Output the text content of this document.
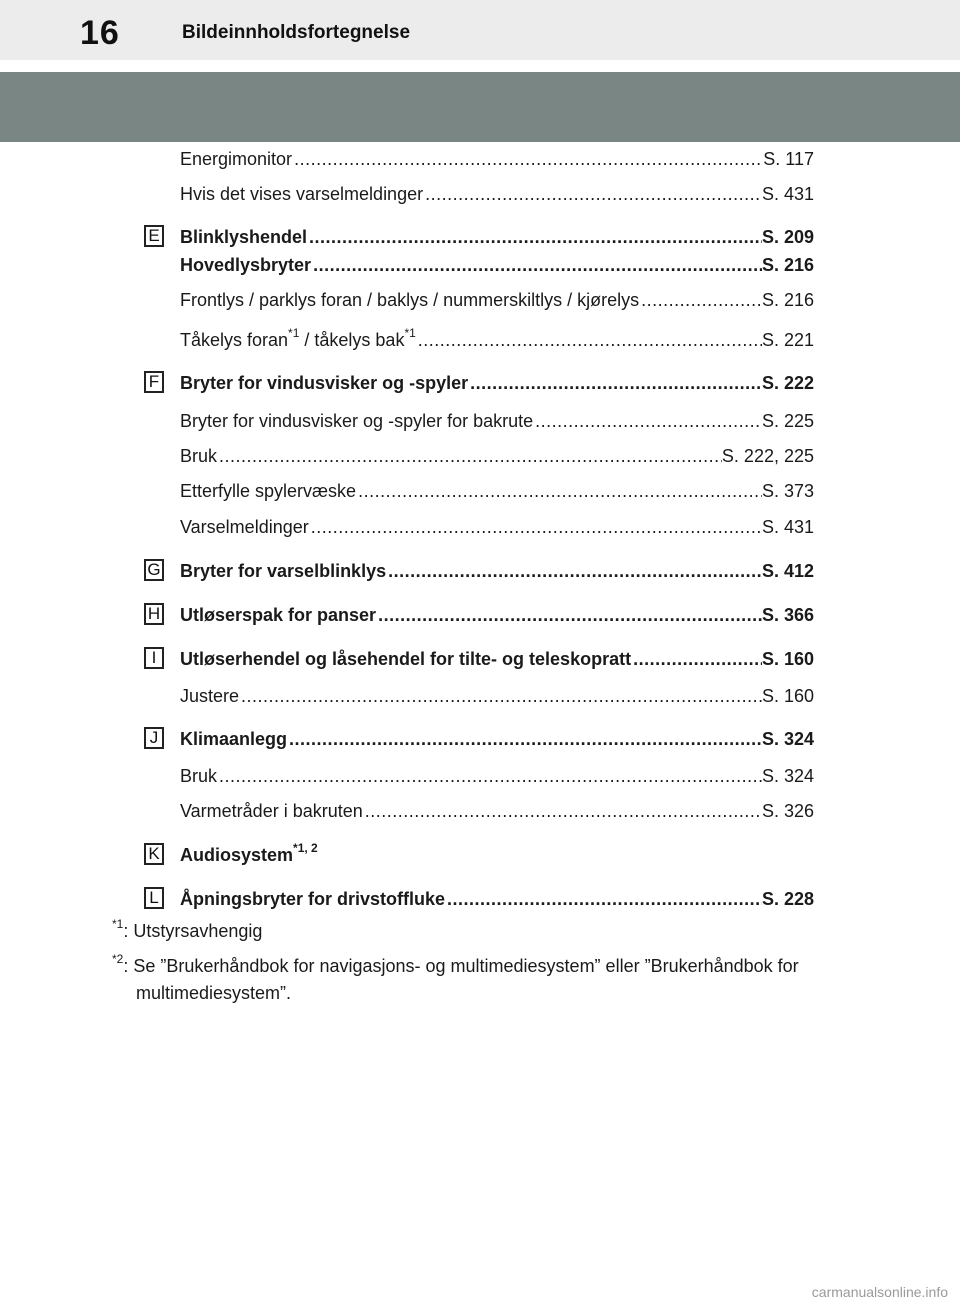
16	Bildeinnholdsfortegnelse
Energimonitor .....	S. 117
Hvis det vises varselmeldinger .....	S. 431
E Blinklyshendel .....	S. 209
Hovedlysbryter .....	S. 216
Frontlys / parklys foran / baklys / nummerskiltlys / kjørelys .....	S. 216
Tåkelys foran$^{*1}$ / tåkelys bak$^{*1}$ .....	S. 221
F Bryter for vindusvisker og -spyler .....	S. 222
Bryter for vindusvisker og -spyler for bakrute .....	S. 225
Bruk .....	S. 222, 225
Etterfylle spylervæske .....	S. 373
Varselmeldinger .....	S. 431
G Bryter for varselblinklys .....	S. 412
H Utløserspak for panser .....	S. 366
I	Utløserhendel og låsehendel for tilte- og teleskopratt .....	S. 160
Justere .....	S. 160
J	Klimaanlegg .....	S. 324
Bruk .....	S. 324
Varmetråder i bakruten .....	S. 326
K Audiosystem$^{*1, 2}$
L Åpningsbryter for drivstoffluke .....	S. 228
$^{*1}$: Utstyrsavhengig
$^{*2}$: Se ”Brukerhåndbok for navigasjons- og multimediesystem” eller ”Brukerhåndbok for multimediesystem”.
carmanualsonline.info
